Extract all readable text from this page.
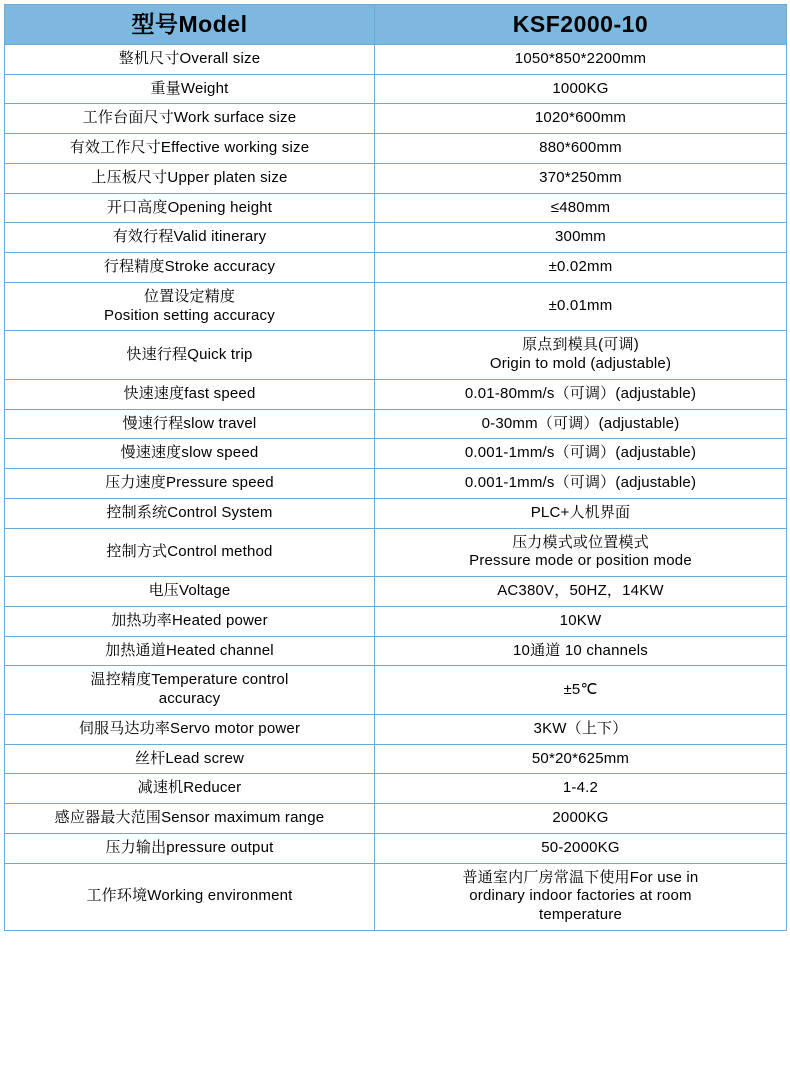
型号Model	KSF2000-10

整机尺寸Overall size	1050*850*2200mm

重量Weight	1000KG

工作台面尺寸Work surface size	1020*600mm

有效工作尺寸Effective working size	880*600mm

上压板尺寸Upper platen size	370*250mm

开口高度Opening height	≤480mm

有效行程Valid itinerary	300mm

行程精度Stroke accuracy	±0.02mm

位置设定精度
Position setting accuracy	±0.01mm

快速行程Quick trip	原点到模具(可调)
Origin to mold (adjustable)

快速速度fast speed	0.01-80mm/s（可调）(adjustable)

慢速行程slow travel	0-30mm（可调）(adjustable)

慢速速度slow speed	0.001-1mm/s（可调）(adjustable)

压力速度Pressure speed	0.001-1mm/s（可调）(adjustable)

控制系统Control System	PLC+人机界面

控制方式Control method	压力模式或位置模式
Pressure mode or position mode

电压Voltage	AC380V，50HZ，14KW

加热功率Heated power	10KW

加热通道Heated channel	10通道 10 channels

温控精度Temperature control
accuracy	±5℃

伺服马达功率Servo motor power	3KW（上下）

丝杆Lead screw	50*20*625mm

减速机Reducer	1-4.2

感应器最大范围Sensor maximum range	2000KG

压力输出pressure output	50-2000KG

工作环境Working environment	普通室内厂房常温下使用For use in
ordinary indoor factories at room
temperature
